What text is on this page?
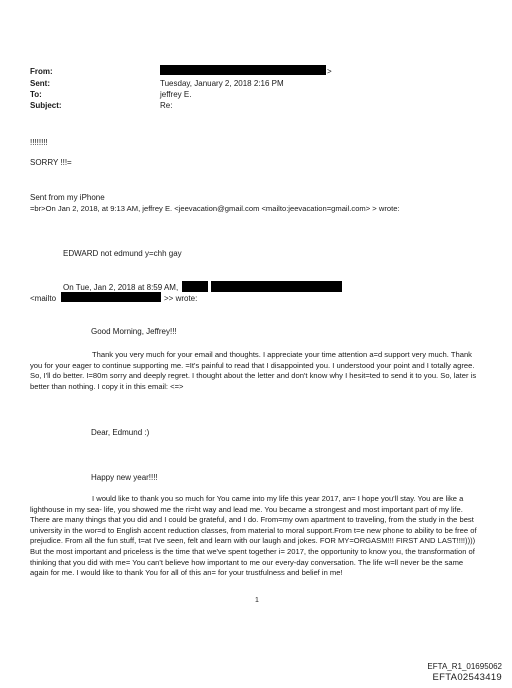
From:	>
Sent:	Tuesday, January 2, 2018 2:16 PM
To:	jeffrey E.
Subject:	Re:
!!!!!!!!
SORRY !!!=
Sent from my iPhone
=br>On Jan 2, 2018, at 9:13 AM, jeffrey E. <jeevacation@gmail.com <mailto:jeevacation=gmail.com> > wrote:
EDWARD not edmund y=chh gay
On Tue, Jan 2, 2018 at 8:59 AM,
<mailto	>> wrote:
Good Morning, Jeffrey!!!

Thank you very much for your email and thoughts. I appreciate your time attention a=d support very much. Thank you for your eager to continue supporting me. =It's painful to read that I disappointed you. I understood your point and I totally agree. So, I'll do better. I=80m sorry and deeply regret. I thought about the letter and don't know why I hesit=ted to send it to you. So, later is better than nothing. I copy it in this email: <=>

Dear, Edmund :)
Happy new year!!!!

I would like to thank you so much for You came into my life this year 2017, an= I hope you'll stay. You are like a lighthouse in my sea- life, you showed me the ri=ht way and lead me. You became a strongest and most important part of my life. There are many things that you did and I could be grateful, and I do. From=my own apartment to traveling, from the study in the best university in the wor=d to English accent reduction classes, from material to moral support.From t=e new phone to ability to be free of prejudice. From all the fun stuff, t=at I've seen, felt and learn with our laugh and jokes. FOR MY=ORGASM!!! FIRST AND LAST!!!!)))) But the most important and priceless is the time that we've spent together i= 2017, the opportunity to know you, the transformation of thinking that you did with me= You can't believe how important to me our every-day conversation. The life w=ll never be the same again for me. I would like to thank You for all of this an= for your trustfulness and belief in me!

1
EFTA_R1_01695062
EFTA02543419
